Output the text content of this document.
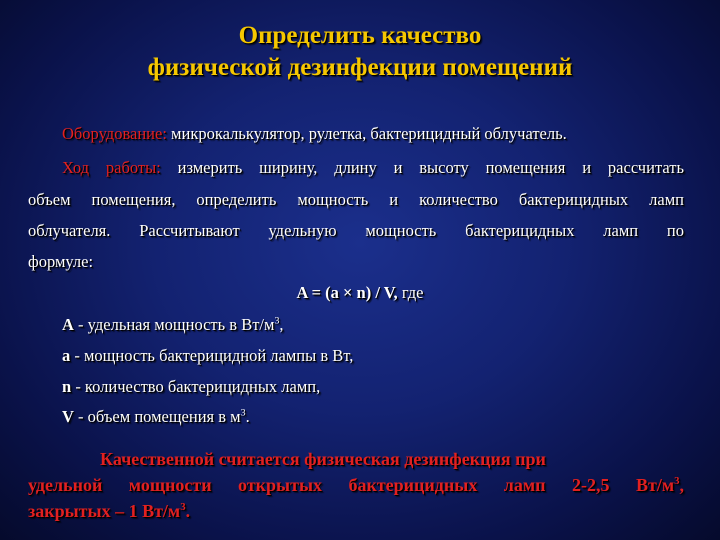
Определить качество
физической дезинфекции помещений
Оборудование: микрокалькулятор, рулетка, бактерицидный облучатель.
Ход работы: измерить ширину, длину и высоту помещения и рассчитать
объем помещения, определить мощность и количество бактерицидных ламп
облучателя. Рассчитывают удельную мощность бактерицидных ламп по
формуле:
A = (a × n) / V, где
A - удельная мощность в $Вт/м^3$,
a - мощность бактерицидной лампы в Вт,
n - количество бактерицидных ламп,
V - объем помещения в $м^3$.
Качественной считается физическая дезинфекция при
удельной мощности открытых бактерицидных ламп 2-2,5 $Вт/м^3$,
закрытых – 1 $Вт/м^3$.
